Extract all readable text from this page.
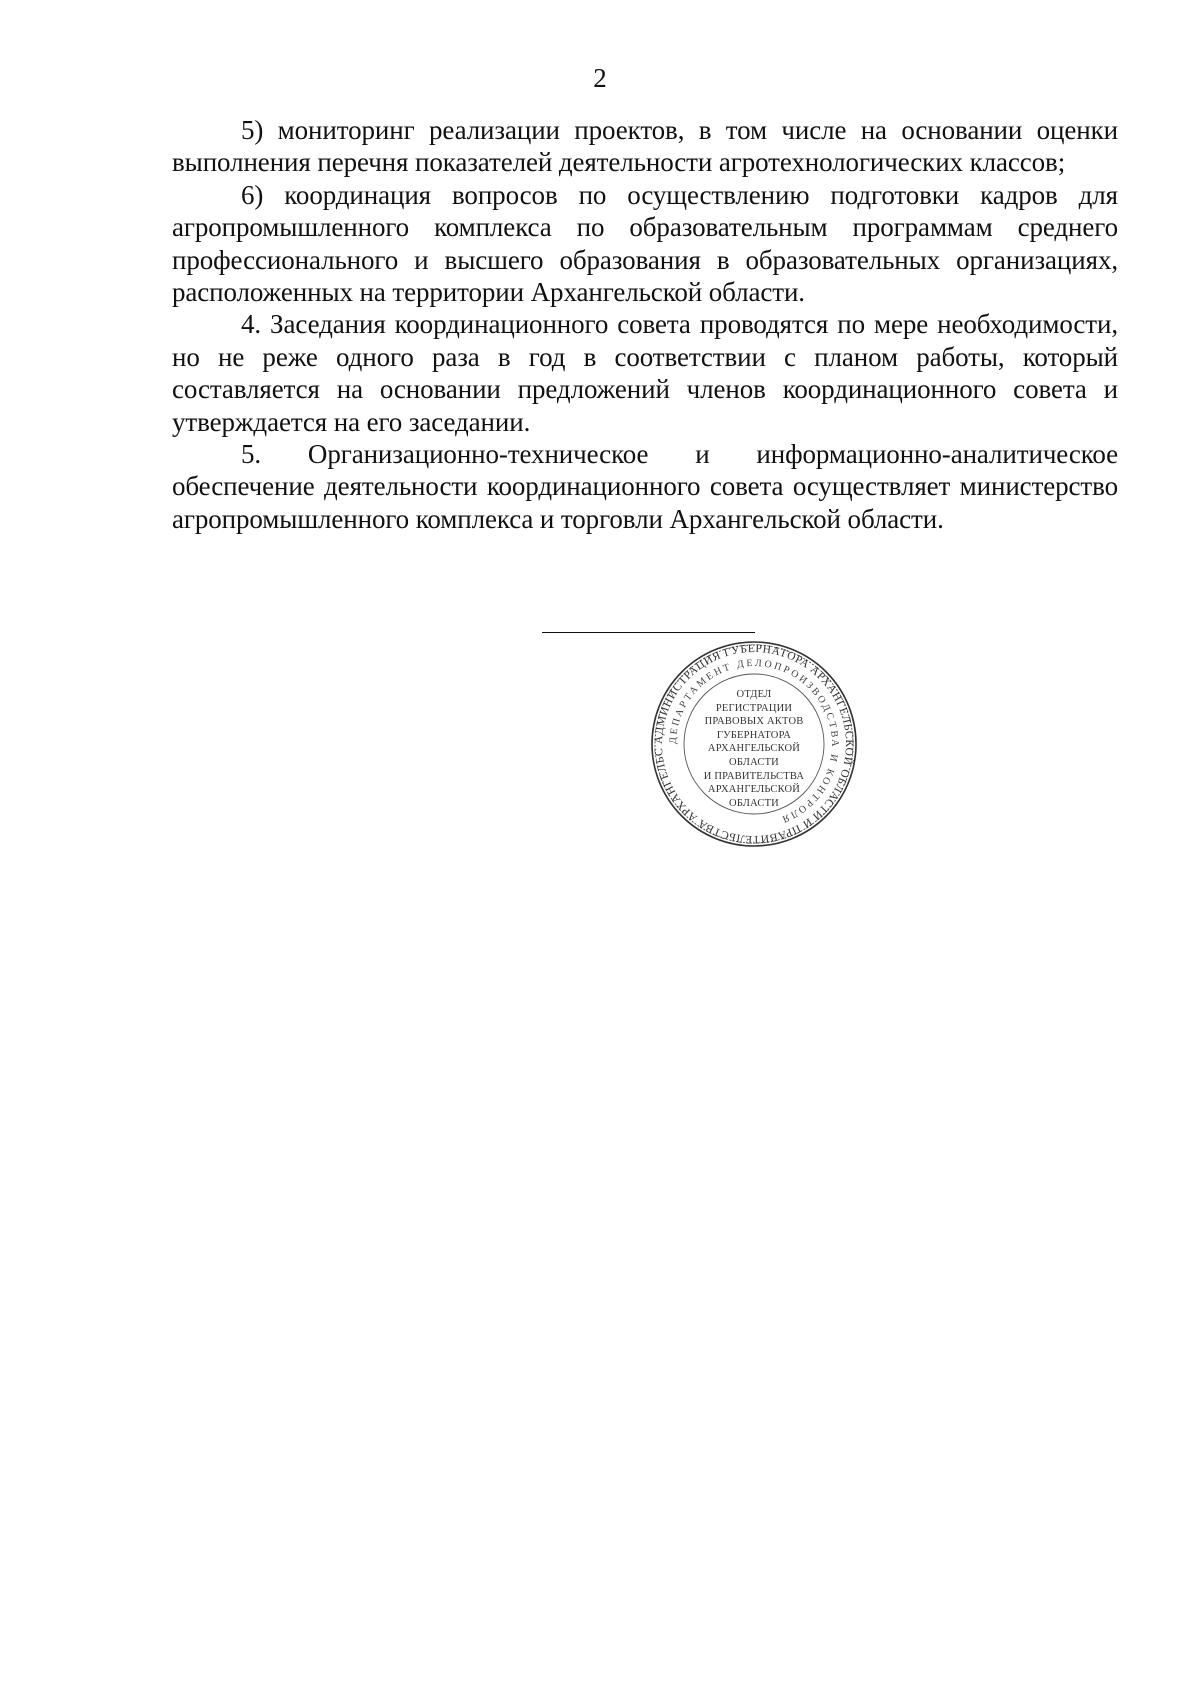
2

5) мониторинг реализации проектов, в том числе на основании оценки выполнения перечня показателей деятельности агротехнологических классов;

6) координация вопросов по осуществлению подготовки кадров для агропромышленного комплекса по образовательным программам среднего профессионального и высшего образования в образовательных организациях, расположенных на территории Архангельской области.

4. Заседания координационного совета проводятся по мере необходимости, но не реже одного раза в год в соответствии с планом работы, который составляется на основании предложений членов координационного совета и утверждается на его заседании.

5. Организационно-техническое и информационно-аналитическое обеспечение деятельности координационного совета осуществляет министерство агропромышленного комплекса и торговли Архангельской области.

АДМИНИСТРАЦИЯ ГУБЕРНАТОРА АРХАНГЕЛЬСКОЙ ОБЛАСТИ И ПРАВИТЕЛЬСТВА АРХАНГЕЛЬС
ДЕПАРТАМЕНТ ДЕЛОПРОИЗВОДСТВА И КОНТРОЛЯ
ОТДЕЛ
РЕГИСТРАЦИИ
ПРАВОВЫХ АКТОВ
ГУБЕРНАТОРА
АРХАНГЕЛЬСКОЙ
ОБЛАСТИ
И ПРАВИТЕЛЬСТВА
АРХАНГЕЛЬСКОЙ
ОБЛАСТИ
